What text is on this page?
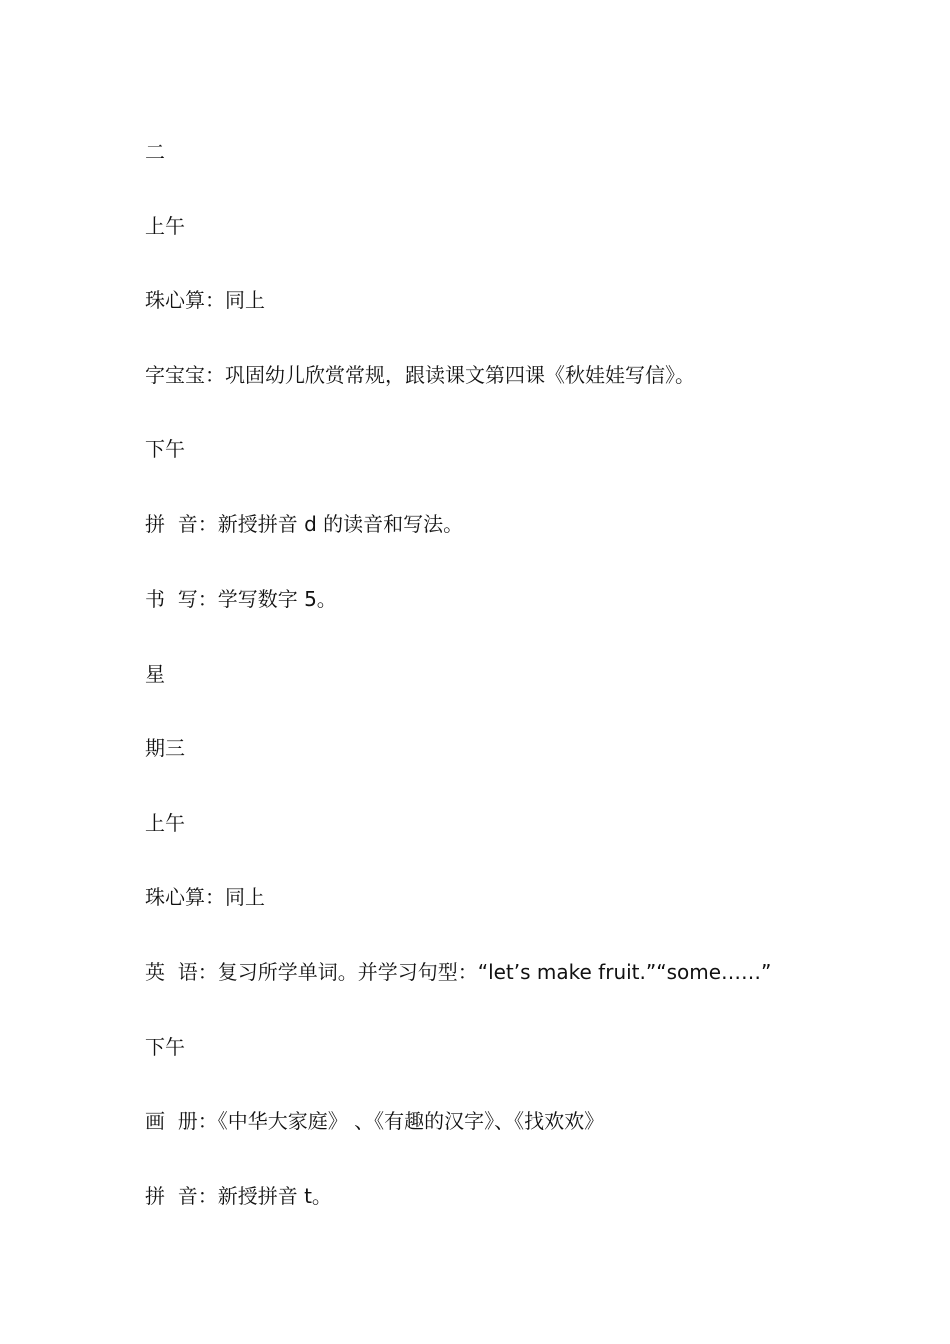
二

上午

珠心算：同上

字宝宝：巩固幼儿欣赏常规，跟读课文第四课《秋娃娃写信》。

下午

拼  音：新授拼音 d 的读音和写法。

书  写：学写数字 5。

星

期三

上午

珠心算：同上

英  语：复习所学单词。并学习句型：“let’s make fruit.”“some……”

下午

画  册：《中华大家庭》 、《有趣的汉字》、《找欢欢》

拼  音：新授拼音 t。
